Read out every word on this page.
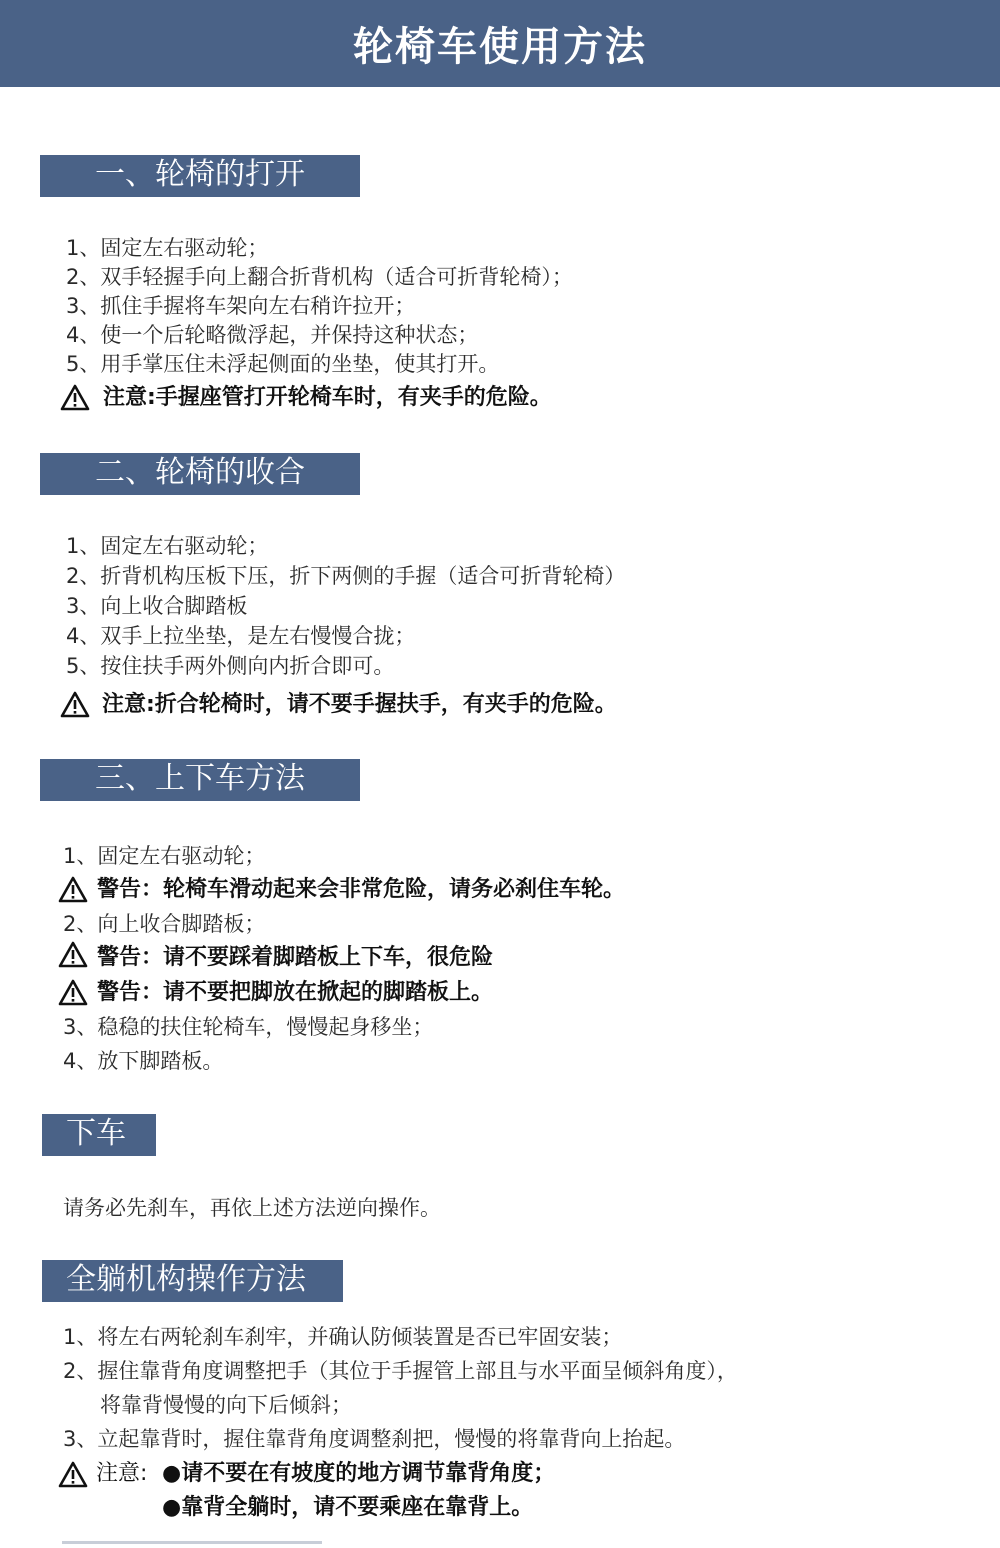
轮椅车使用方法
一、轮椅的打开
1、固定左右驱动轮；
2、双手轻握手向上翻合折背机构（适合可折背轮椅）；
3、抓住手握将车架向左右稍许拉开；
4、使一个后轮略微浮起，并保持这种状态；
5、用手掌压住未浮起侧面的坐垫，使其打开。
注意:手握座管打开轮椅车时，有夹手的危险。
二、轮椅的收合
1、固定左右驱动轮；
2、折背机构压板下压，折下两侧的手握（适合可折背轮椅）
3、向上收合脚踏板
4、双手上拉坐垫，是左右慢慢合拢；
5、按住扶手两外侧向内折合即可。
注意:折合轮椅时，请不要手握扶手，有夹手的危险。
三、上下车方法
1、固定左右驱动轮；
警告：轮椅车滑动起来会非常危险，请务必刹住车轮。
2、向上收合脚踏板；
警告：请不要踩着脚踏板上下车，很危险
警告：请不要把脚放在掀起的脚踏板上。
3、稳稳的扶住轮椅车，慢慢起身移坐；
4、放下脚踏板。
下车
请务必先刹车，再依上述方法逆向操作。
全躺机构操作方法
1、将左右两轮刹车刹牢，并确认防倾装置是否已牢固安装；
2、握住靠背角度调整把手（其位于手握管上部且与水平面呈倾斜角度），
将靠背慢慢的向下后倾斜；
3、立起靠背时，握住靠背角度调整刹把，慢慢的将靠背向上抬起。
注意: ●请不要在有坡度的地方调节靠背角度；
●靠背全躺时，请不要乘座在靠背上。
